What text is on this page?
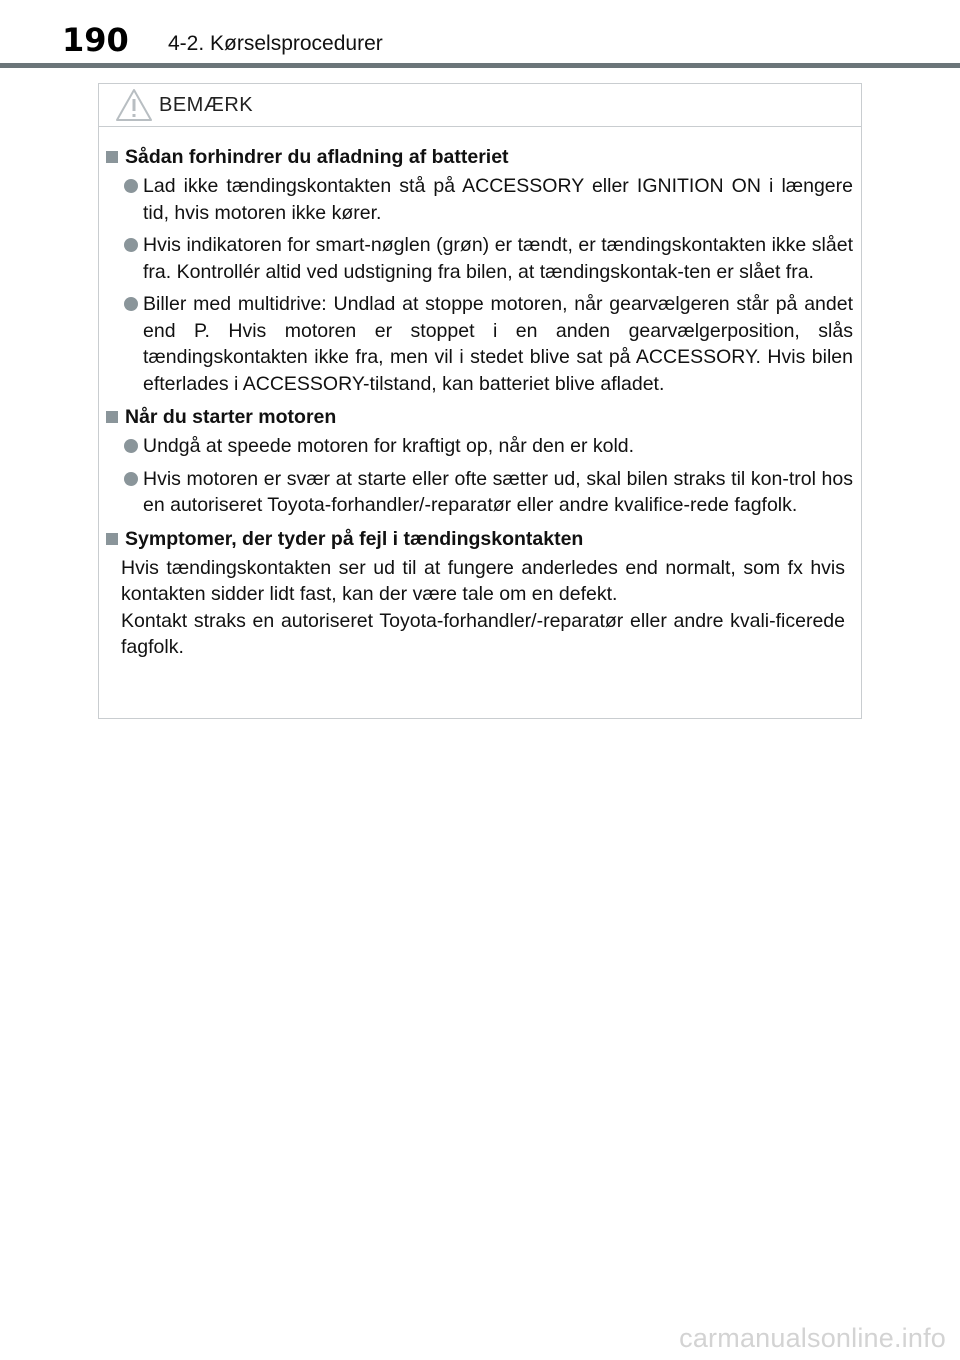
190 4-2. Kørselsprocedurer
BEMÆRK
Sådan forhindrer du afladning af batteriet
Lad ikke tændingskontakten stå på ACCESSORY eller IGNITION ON i længere tid, hvis motoren ikke kører.
Hvis indikatoren for smart-nøglen (grøn) er tændt, er tændingskontakten ikke slået fra. Kontrollér altid ved udstigning fra bilen, at tændingskontak-ten er slået fra.
Biller med multidrive: Undlad at stoppe motoren, når gearvælgeren står på andet end P. Hvis motoren er stoppet i en anden gearvælgerposition, slås tændingskontakten ikke fra, men vil i stedet blive sat på ACCESSORY. Hvis bilen efterlades i ACCESSORY-tilstand, kan batteriet blive afladet.
Når du starter motoren
Undgå at speede motoren for kraftigt op, når den er kold.
Hvis motoren er svær at starte eller ofte sætter ud, skal bilen straks til kon-trol hos en autoriseret Toyota-forhandler/-reparatør eller andre kvalifice-rede fagfolk.
Symptomer, der tyder på fejl i tændingskontakten

Hvis tændingskontakten ser ud til at fungere anderledes end normalt, som fx hvis kontakten sidder lidt fast, kan der være tale om en defekt.

Kontakt straks en autoriseret Toyota-forhandler/-reparatør eller andre kvali-ficerede fagfolk.

carmanualsonline.info
